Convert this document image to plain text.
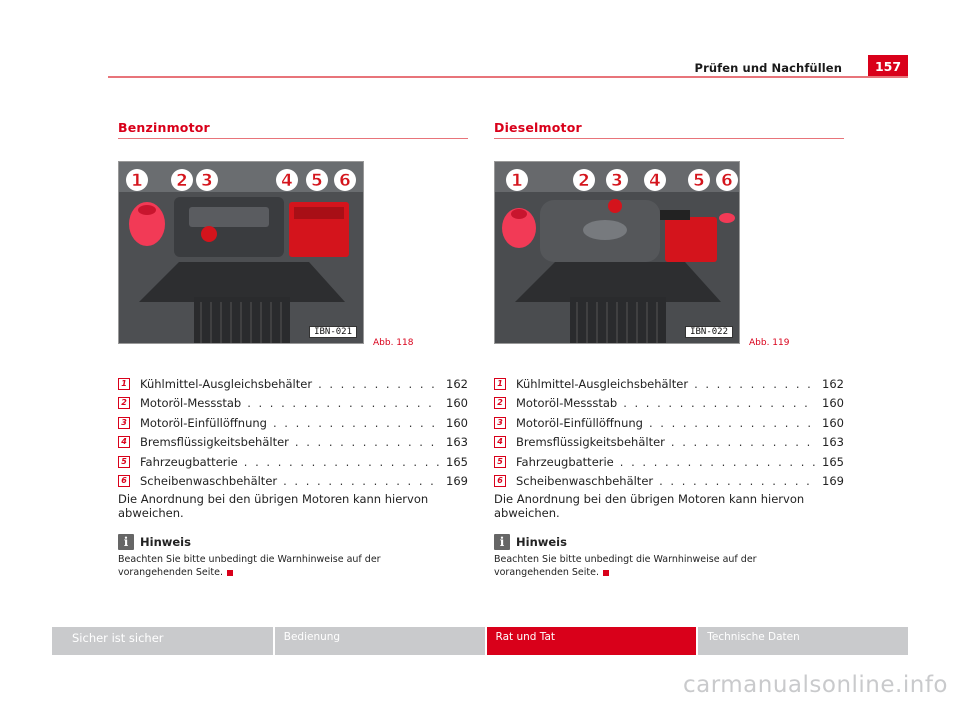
Prüfen und Nachfüllen	157
Benzinmotor
1 2 3	4 5 6
IBN-021
Abb. 118
1 Kühlmittel-Ausgleichsbehälter . . .	162
2 Motoröl-Messstab . . .	160
3 Motoröl-Einfüllöffnung . . .	160
4 Bremsflüssigkeitsbehälter . . .	163
5 Fahrzeugbatterie . . .	165
6 Scheibenwaschbehälter . . .	169

Die Anordnung bei den übrigen Motoren kann hiervon abweichen.

i	Hinweis

Beachten Sie bitte unbedingt die Warnhinweise auf der vorangehenden Seite.

Dieselmotor
1	2 3 4 5 6
IBN-022
Abb. 119
1 Kühlmittel-Ausgleichsbehälter . . .	162
2 Motoröl-Messstab . . .	160
3 Motoröl-Einfüllöffnung . . .	160
4 Bremsflüssigkeitsbehälter . . .	163
5 Fahrzeugbatterie . . .	165
6 Scheibenwaschbehälter . . .	169

Die Anordnung bei den übrigen Motoren kann hiervon abweichen.

i	Hinweis

Beachten Sie bitte unbedingt die Warnhinweise auf der vorangehenden Seite.

Sicher ist sicher	Bedienung	Rat und Tat	Technische Daten
carmanualsonline.info
